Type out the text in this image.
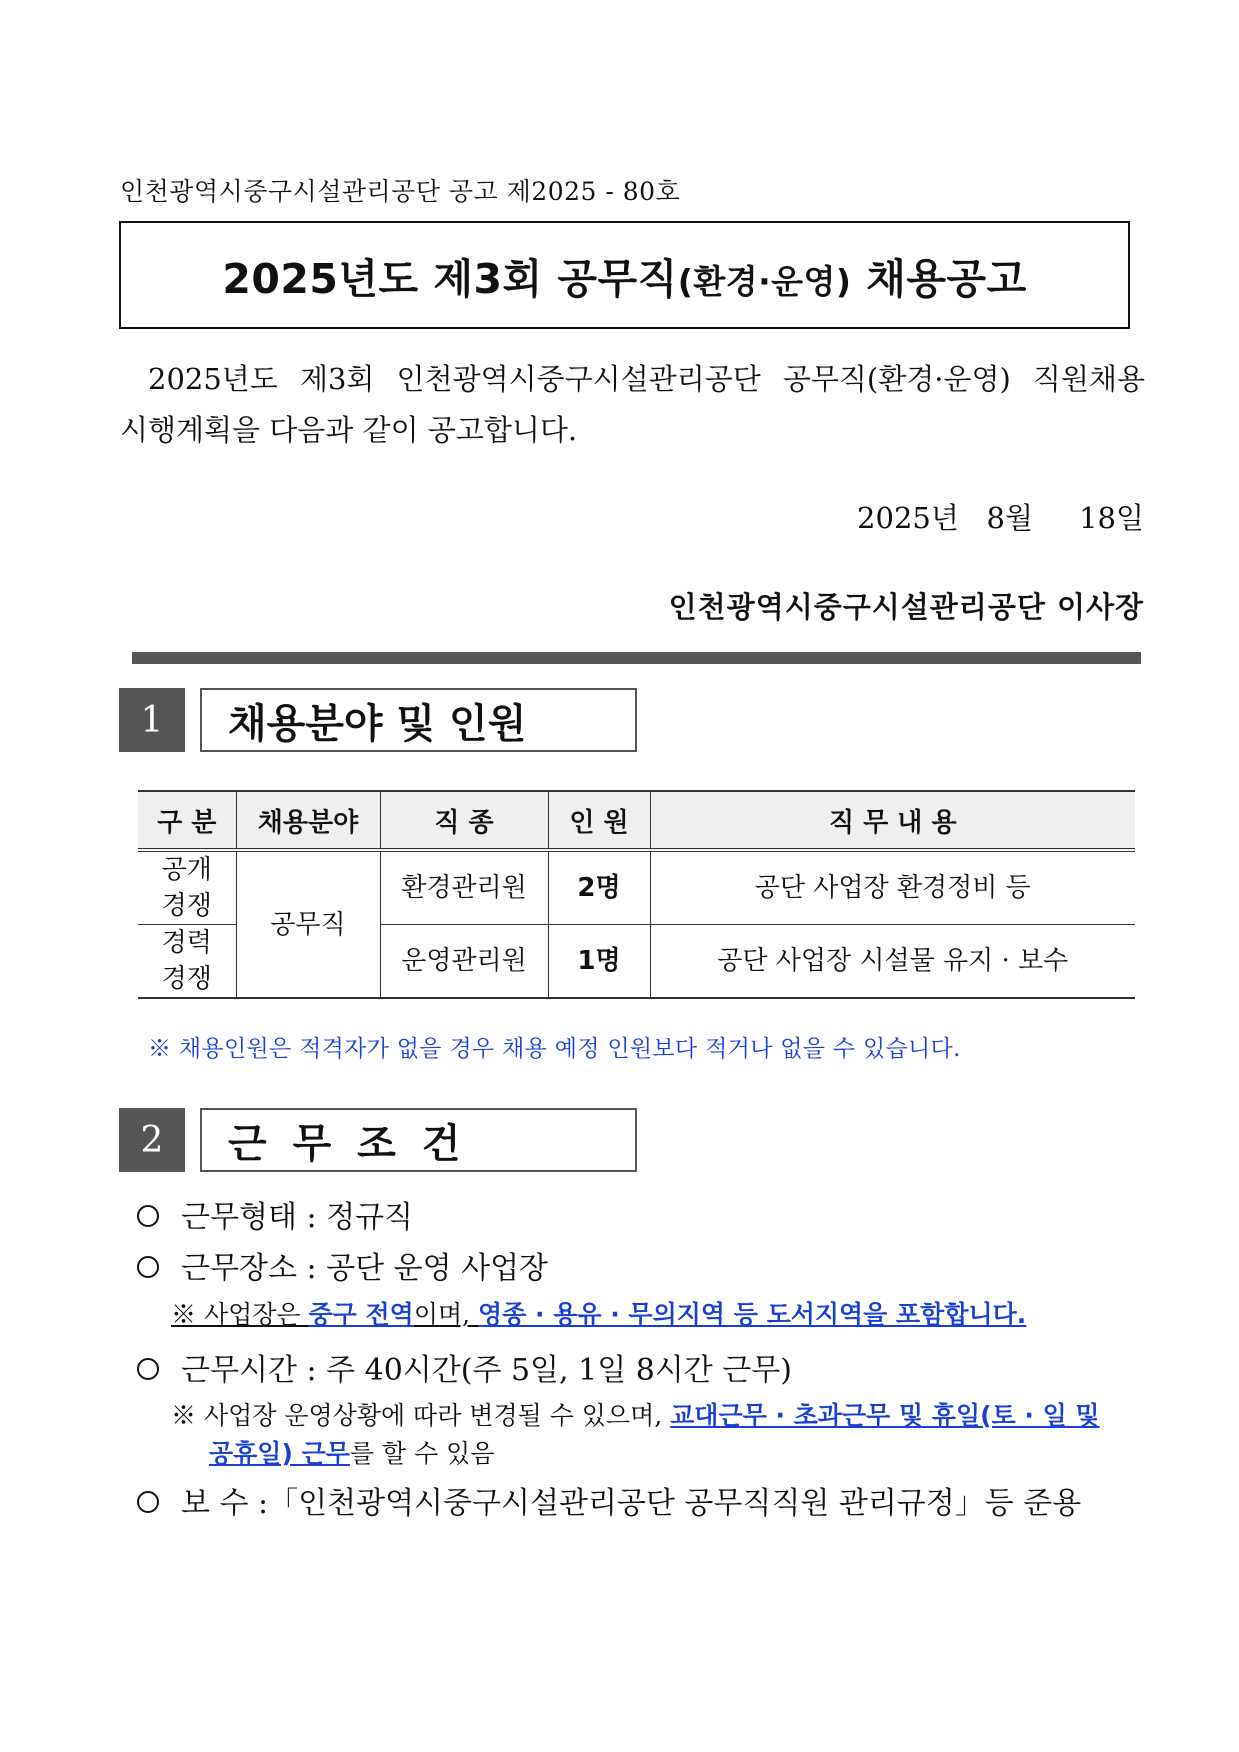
인천광역시중구시설관리공단 공고 제2025 - 80호
2025년도 제3회 공무직(환경·운영) 채용공고
2025년도 제3회 인천광역시중구시설관리공단 공무직(환경·운영) 직원채용
시행계획을 다음과 같이 공고합니다.
2025년   8월     18일
인천광역시중구시설관리공단 이사장
1	채용분야 및 인원
구 분	채용분야	직 종	인 원	직 무 내 용
공개
경쟁	공무직	환경관리원	2명	공단 사업장 환경정비 등
경력
경쟁		운영관리원	1명	공단 사업장 시설물 유지 · 보수
※ 채용인원은 적격자가 없을 경우 채용 예정 인원보다 적거나 없을 수 있습니다.
2	근 무 조 건
근무형태 : 정규직
근무장소 : 공단 운영 사업장
※ 사업장은 중구 전역이며, 영종 · 용유 · 무의지역 등 도서지역을 포함합니다.
근무시간 : 주 40시간(주 5일, 1일 8시간 근무)
※ 사업장 운영상황에 따라 변경될 수 있으며, 교대근무 · 초과근무 및 휴일(토 · 일 및
공휴일) 근무를 할 수 있음
보 수 :「인천광역시중구시설관리공단 공무직직원 관리규정」등 준용
